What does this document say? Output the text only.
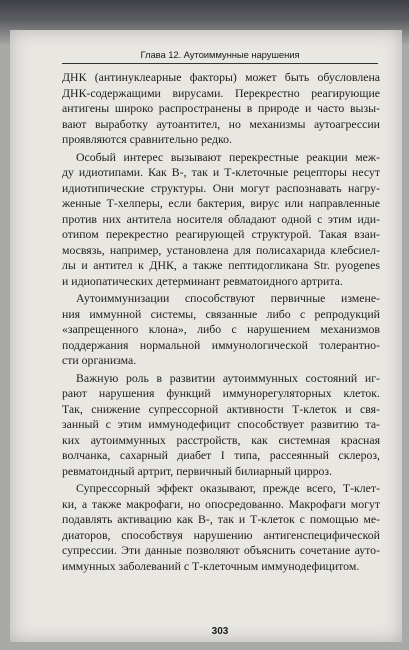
Глава 12. Аутоиммунные нарушения
ДНК (антинуклеарные факторы) может быть обусловлена
ДНК-содержащими вирусами. Перекрестно реагирующие
антигены широко распространены в природе и часто вызы-
вают выработку аутоантител, но механизмы аутоагрессии
проявляются сравнительно редко.
Особый интерес вызывают перекрестные реакции меж-
ду идиотипами. Как В-, так и Т-клеточные рецепторы несут
идиотипические структуры. Они могут распознавать нагру-
женные Т-хелперы, если бактерия, вирус или направленные
против них антитела носителя обладают одной с этим иди-
отипом перекрестно реагирующей структурой. Такая взаи-
мосвязь, например, установлена для полисахарида клебсиел-
лы и антител к ДНК, а также пептидогликана Str. pyogenes
и идиопатических детерминант ревматоидного артрита.
Аутоиммунизации способствуют первичные измене-
ния иммунной системы, связанные либо с репродукций
«запрещенного клона», либо с нарушением механизмов
поддержания нормальной иммунологической толерантно-
сти организма.
Важную роль в развитии аутоиммунных состояний иг-
рают нарушения функций иммунорегуляторных клеток.
Так, снижение супрессорной активности Т-клеток и свя-
занный с этим иммунодефицит способствует развитию та-
ких аутоиммунных расстройств, как системная красная
волчанка, сахарный диабет I типа, рассеянный склероз,
ревматоидный артрит, первичный билиарный цирроз.
Супрессорный эффект оказывают, прежде всего, Т-клет-
ки, а также макрофаги, но опосредованно. Макрофаги могут
подавлять активацию как В-, так и Т-клеток с помощью ме-
диаторов, способствуя нарушению антигенспецифической
супрессии. Эти данные позволяют объяснить сочетание ауто-
иммунных заболеваний с Т-клеточным иммунодефицитом.
303
